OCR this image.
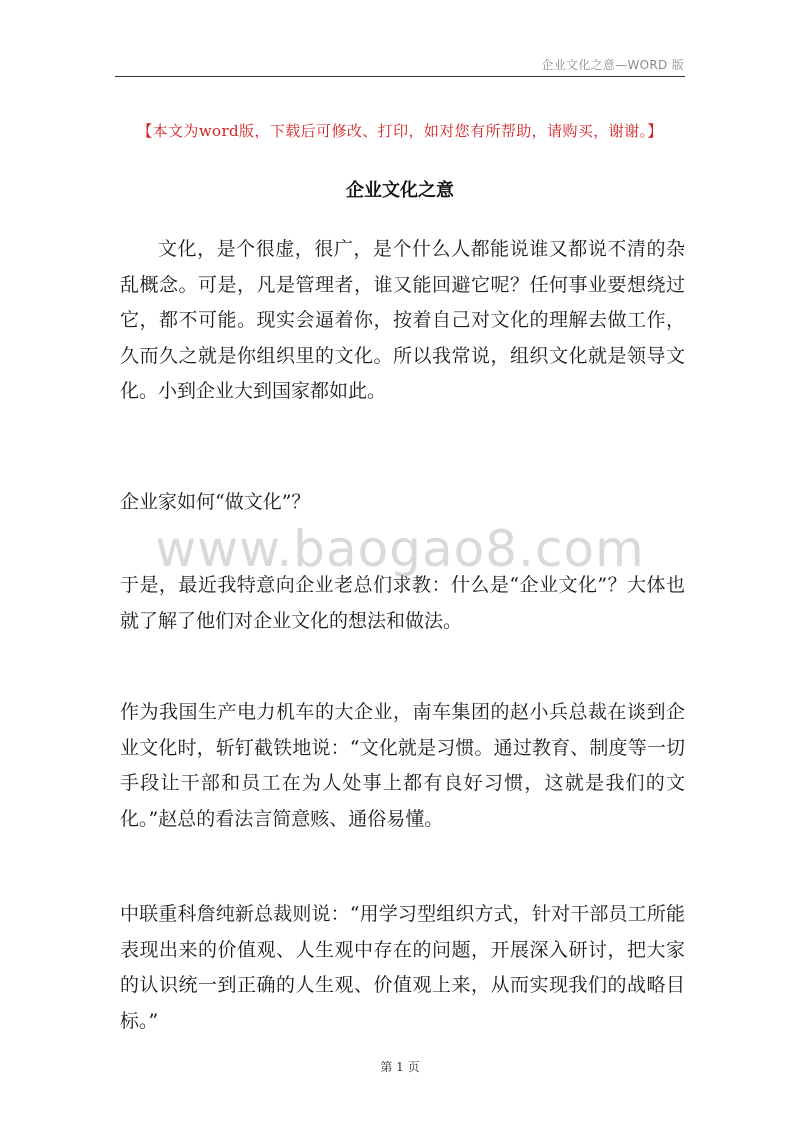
企业文化之意—WORD 版
【本文为word版，下载后可修改、打印，如对您有所帮助，请购买，谢谢。】
企业文化之意

文化，是个很虚，很广，是个什么人都能说谁又都说不清的杂乱概念。可是，凡是管理者，谁又能回避它呢？任何事业要想绕过它，都不可能。现实会逼着你，按着自己对文化的理解去做工作，久而久之就是你组织里的文化。所以我常说，组织文化就是领导文化。小到企业大到国家都如此。

企业家如何“做文化”？

www.baogao8.com

于是，最近我特意向企业老总们求教：什么是“企业文化”？大体也就了解了他们对企业文化的想法和做法。

作为我国生产电力机车的大企业，南车集团的赵小兵总裁在谈到企业文化时，斩钉截铁地说：“文化就是习惯。通过教育、制度等一切手段让干部和员工在为人处事上都有良好习惯，这就是我们的文化。”赵总的看法言简意赅、通俗易懂。

中联重科詹纯新总裁则说：“用学习型组织方式，针对干部员工所能表现出来的价值观、人生观中存在的问题，开展深入研讨，把大家的认识统一到正确的人生观、价值观上来，从而实现我们的战略目标。”

第 1 页
